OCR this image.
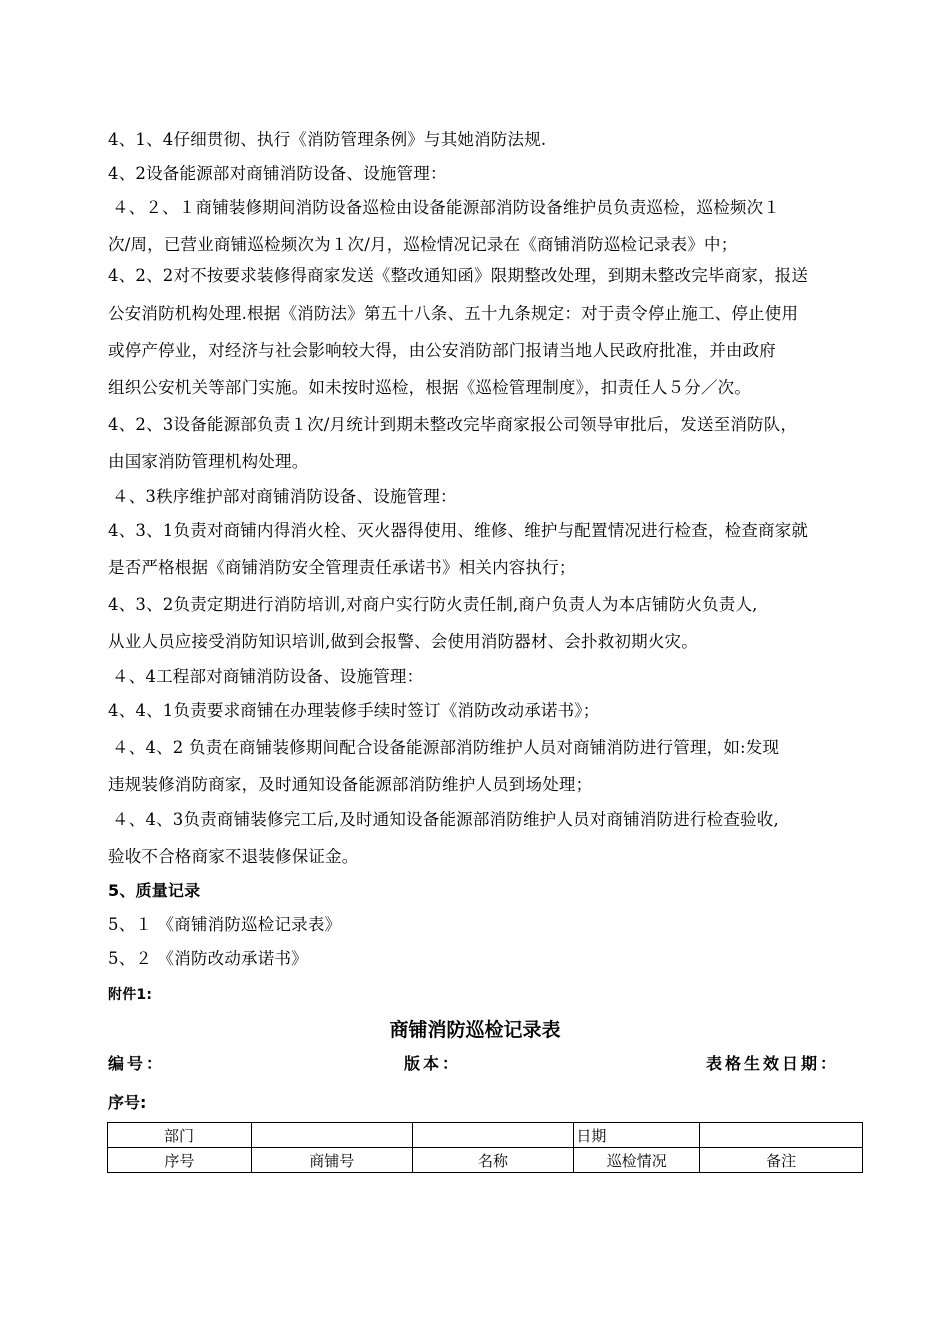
4、1、4仔细贯彻、执行《消防管理条例》与其她消防法规.
4、2设备能源部对商铺消防设备、设施管理：
４、２、１商铺装修期间消防设备巡检由设备能源部消防设备维护员负责巡检，巡检频次１
次/周，已营业商铺巡检频次为１次/月，巡检情况记录在《商铺消防巡检记录表》中；
4、2、2对不按要求装修得商家发送《整改通知函》限期整改处理，到期未整改完毕商家，报送
公安消防机构处理.根据《消防法》第五十八条、五十九条规定：对于责令停止施工、停止使用
或停产停业，对经济与社会影响较大得，由公安消防部门报请当地人民政府批准，并由政府
组织公安机关等部门实施。如未按时巡检，根据《巡检管理制度》，扣责任人５分／次。
4、2、3设备能源部负责１次/月统计到期未整改完毕商家报公司领导审批后，发送至消防队，
由国家消防管理机构处理。
４、3秩序维护部对商铺消防设备、设施管理：
4、3、1负责对商铺内得消火栓、灭火器得使用、维修、维护与配置情况进行检查，检查商家就
是否严格根据《商铺消防安全管理责任承诺书》相关内容执行；
4、3、2负责定期进行消防培训,对商户实行防火责任制,商户负责人为本店铺防火负责人,
从业人员应接受消防知识培训,做到会报警、会使用消防器材、会扑救初期火灾。
４、4工程部对商铺消防设备、设施管理：
4、4、1负责要求商铺在办理装修手续时签订《消防改动承诺书》；
４、4、2 负责在商铺装修期间配合设备能源部消防维护人员对商铺消防进行管理，如:发现
违规装修消防商家，及时通知设备能源部消防维护人员到场处理；
４、4、3负责商铺装修完工后,及时通知设备能源部消防维护人员对商铺消防进行检查验收,
验收不合格商家不退装修保证金。
5、质量记录
5、１ 《商铺消防巡检记录表》
5、２ 《消防改动承诺书》
附件1:
商铺消防巡检记录表
编号：	版本：	表格生效日期：
序号:
部门			日期	
序号	商铺号	名称	巡检情况	备注
